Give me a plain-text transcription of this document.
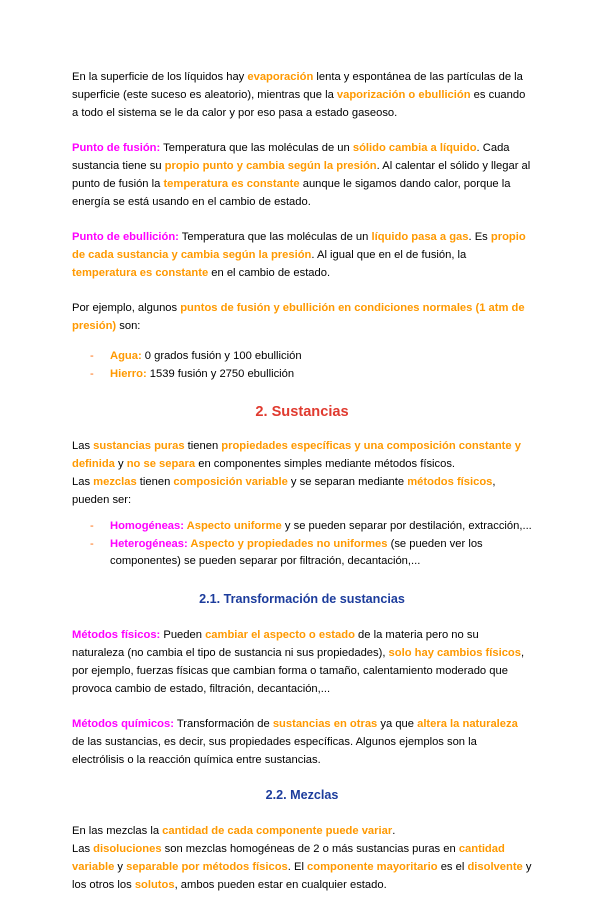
En la superficie de los líquidos hay evaporación lenta y espontánea de las partículas de la superficie (este suceso es aleatorio), mientras que la vaporización o ebullición es cuando a todo el sistema se le da calor y por eso pasa a estado gaseoso.

Punto de fusión: Temperatura que las moléculas de un sólido cambia a líquido. Cada sustancia tiene su propio punto y cambia según la presión. Al calentar el sólido y llegar al punto de fusión la temperatura es constante aunque le sigamos dando calor, porque la energía se está usando en el cambio de estado.

Punto de ebullición: Temperatura que las moléculas de un líquido pasa a gas. Es propio de cada sustancia y cambia según la presión. Al igual que en el de fusión, la temperatura es constante en el cambio de estado.

Por ejemplo, algunos puntos de fusión y ebullición en condiciones normales (1 atm de presión) son:

- Agua: 0 grados fusión y 100 ebullición
- Hierro: 1539 fusión y 2750 ebullición
2. Sustancias

Las sustancias puras tienen propiedades específicas y una composición constante y definida y no se separa en componentes simples mediante métodos físicos.
Las mezclas tienen composición variable y se separan mediante métodos físicos, pueden ser:

- Homogéneas: Aspecto uniforme y se pueden separar por destilación, extracción,...
- Heterogéneas: Aspecto y propiedades no uniformes (se pueden ver los componentes) se pueden separar por filtración, decantación,...
2.1. Transformación de sustancias

Métodos físicos: Pueden cambiar el aspecto o estado de la materia pero no su naturaleza (no cambia el tipo de sustancia ni sus propiedades), solo hay cambios físicos, por ejemplo, fuerzas físicas que cambian forma o tamaño, calentamiento moderado que provoca cambio de estado, filtración, decantación,...

Métodos químicos: Transformación de sustancias en otras ya que altera la naturaleza de las sustancias, es decir, sus propiedades específicas. Algunos ejemplos son la electrólisis o la reacción química entre sustancias.

2.2. Mezclas

En las mezclas la cantidad de cada componente puede variar.
Las disoluciones son mezclas homogéneas de 2 o más sustancias puras en cantidad variable y separable por métodos físicos. El componente mayoritario es el disolvente y los otros los solutos, ambos pueden estar en cualquier estado.
